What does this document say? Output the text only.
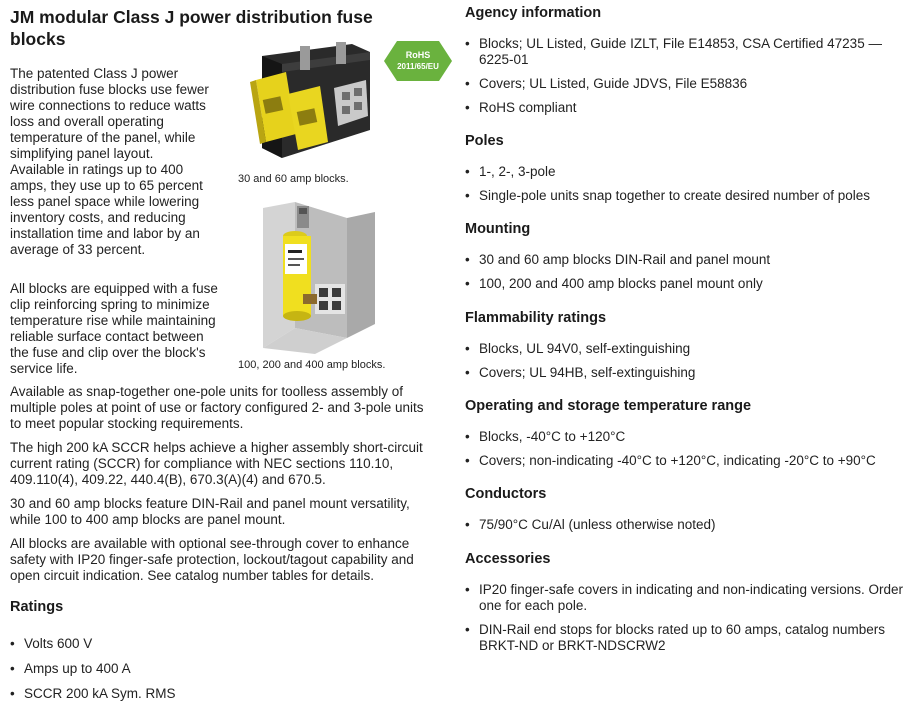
JM modular Class J power distribution fuse blocks

The patented Class J power distribution fuse blocks use fewer wire connections to reduce watts loss and overall operating temperature of the panel, while simplifying panel layout. Available in ratings up to 400 amps, they use up to 65 percent less panel space while lowering inventory costs, and reducing installation time and labor by an average of 33 percent.

RoHS
2011/65/EU
30 and 60 amp blocks.
100, 200 and 400 amp blocks.

All blocks are equipped with a fuse clip reinforcing spring to minimize temperature rise while maintaining reliable surface contact between the fuse and clip over the block's service life.

Available as snap-together one-pole units for toolless assembly of multiple poles at point of use or factory configured 2- and 3-pole units to meet popular stocking requirements.

The high 200 kA SCCR helps achieve a higher assembly short-circuit current rating (SCCR) for compliance with NEC sections 110.10, 409.110(4), 409.22, 440.4(B), 670.3(A)(4) and 670.5.

30 and 60 amp blocks feature DIN-Rail and panel mount versatility, while 100 to 400 amp blocks are panel mount.

All blocks are available with optional see-through cover to enhance safety with IP20 finger-safe protection, lockout/tagout capability and open circuit indication. See catalog number tables for details.

Ratings
• Volts 600 V
• Amps up to 400 A
• SCCR 200 kA Sym. RMS
Agency information
• Blocks; UL Listed, Guide IZLT, File E14853, CSA Certified 47235 — 6225-01
• Covers; UL Listed, Guide JDVS, File E58836
• RoHS compliant
Poles
• 1-, 2-, 3-pole
• Single-pole units snap together to create desired number of poles
Mounting
• 30 and 60 amp blocks DIN-Rail and panel mount
• 100, 200 and 400 amp blocks panel mount only
Flammability ratings
• Blocks, UL 94V0, self-extinguishing
• Covers; UL 94HB, self-extinguishing
Operating and storage temperature range
• Blocks, -40°C to +120°C
• Covers; non-indicating -40°C to +120°C, indicating -20°C to +90°C
Conductors
• 75/90°C Cu/Al (unless otherwise noted)
Accessories
• IP20 finger-safe covers in indicating and non-indicating versions. Order one for each pole.
• DIN-Rail end stops for blocks rated up to 60 amps, catalog numbers BRKT-ND or BRKT-NDSCRW2
